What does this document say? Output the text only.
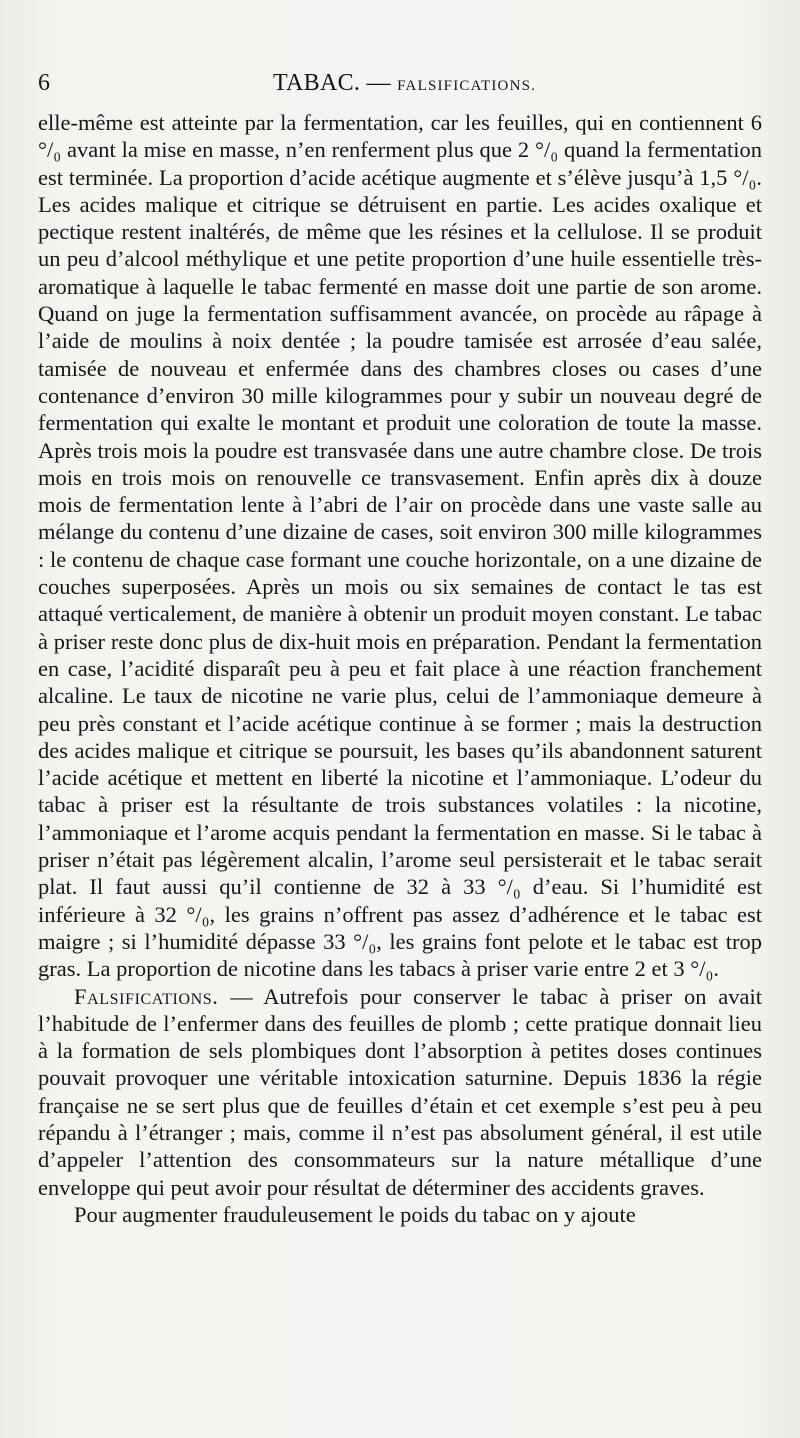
6	TABAC. — FALSIFICATIONS.

elle-même est atteinte par la fermentation, car les feuilles, qui en contiennent 6 °/₀ avant la mise en masse, n’en renferment plus que 2 °/₀ quand la fermentation est terminée. La proportion d’acide acétique augmente et s’élève jusqu’à 1,5 °/₀. Les acides malique et citrique se détruisent en partie. Les acides oxalique et pectique restent inaltérés, de même que les résines et la cellulose. Il se produit un peu d’alcool méthylique et une petite proportion d’une huile essentielle très-aromatique à laquelle le tabac fermenté en masse doit une partie de son arome. Quand on juge la fermentation suffisamment avancée, on procède au râpage à l’aide de moulins à noix dentée ; la poudre tamisée est arrosée d’eau salée, tamisée de nouveau et enfermée dans des chambres closes ou cases d’une contenance d’environ 30 mille kilogrammes pour y subir un nouveau degré de fermentation qui exalte le montant et produit une coloration de toute la masse. Après trois mois la poudre est transvasée dans une autre chambre close. De trois mois en trois mois on renouvelle ce transvasement. Enfin après dix à douze mois de fermentation lente à l’abri de l’air on procède dans une vaste salle au mélange du contenu d’une dizaine de cases, soit environ 300 mille kilogrammes : le contenu de chaque case formant une couche horizontale, on a une dizaine de couches superposées. Après un mois ou six semaines de contact le tas est attaqué verticalement, de manière à obtenir un produit moyen constant. Le tabac à priser reste donc plus de dix-huit mois en préparation. Pendant la fermentation en case, l’acidité disparaît peu à peu et fait place à une réaction franchement alcaline. Le taux de nicotine ne varie plus, celui de l’ammoniaque demeure à peu près constant et l’acide acétique continue à se former ; mais la destruction des acides malique et citrique se poursuit, les bases qu’ils abandonnent saturent l’acide acétique et mettent en liberté la nicotine et l’ammoniaque. L’odeur du tabac à priser est la résultante de trois substances volatiles : la nicotine, l’ammoniaque et l’arome acquis pendant la fermentation en masse. Si le tabac à priser n’était pas légèrement alcalin, l’arome seul persisterait et le tabac serait plat. Il faut aussi qu’il contienne de 32 à 33 °/₀ d’eau. Si l’humidité est inférieure à 32 °/₀, les grains n’offrent pas assez d’adhérence et le tabac est maigre ; si l’humidité dépasse 33 °/₀, les grains font pelote et le tabac est trop gras. La proportion de nicotine dans les tabacs à priser varie entre 2 et 3 °/₀.

Falsifications. — Autrefois pour conserver le tabac à priser on avait l’habitude de l’enfermer dans des feuilles de plomb ; cette pratique donnait lieu à la formation de sels plombiques dont l’absorption à petites doses continues pouvait provoquer une véritable intoxication saturnine. Depuis 1836 la régie française ne se sert plus que de feuilles d’étain et cet exemple s’est peu à peu répandu à l’étranger ; mais, comme il n’est pas absolument général, il est utile d’appeler l’attention des consommateurs sur la nature métallique d’une enveloppe qui peut avoir pour résultat de déterminer des accidents graves.

Pour augmenter frauduleusement le poids du tabac on y ajoute
